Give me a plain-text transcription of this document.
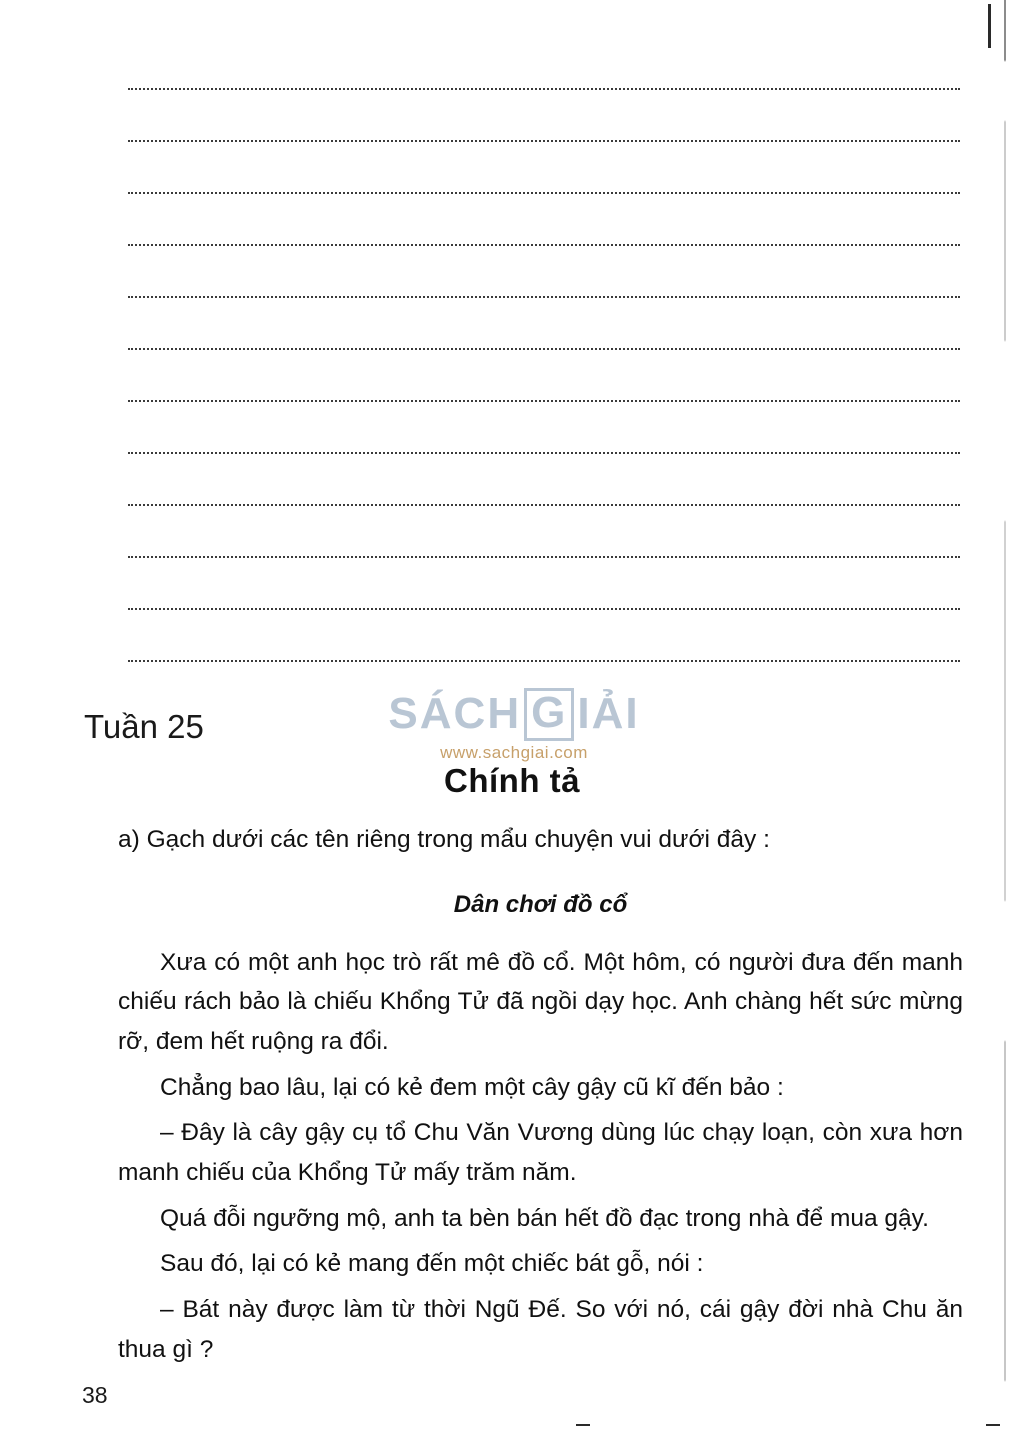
SÁCH G IẢI
www.sachgiai.com
Tuần 25
Chính tả

a) Gạch dưới các tên riêng trong mẩu chuyện vui dưới đây :

Dân chơi đồ cổ

Xưa có một anh học trò rất mê đồ cổ. Một hôm, có người đưa đến manh chiếu rách bảo là chiếu Khổng Tử đã ngồi dạy học. Anh chàng hết sức mừng rỡ, đem hết ruộng ra đổi.

Chẳng bao lâu, lại có kẻ đem một cây gậy cũ kĩ đến bảo :

– Đây là cây gậy cụ tổ Chu Văn Vương dùng lúc chạy loạn, còn xưa hơn manh chiếu của Khổng Tử mấy trăm năm.

Quá đỗi ngưỡng mộ, anh ta bèn bán hết đồ đạc trong nhà để mua gậy.

Sau đó, lại có kẻ mang đến một chiếc bát gỗ, nói :

– Bát này được làm từ thời Ngũ Đế. So với nó, cái gậy đời nhà Chu ăn thua gì ?

38
